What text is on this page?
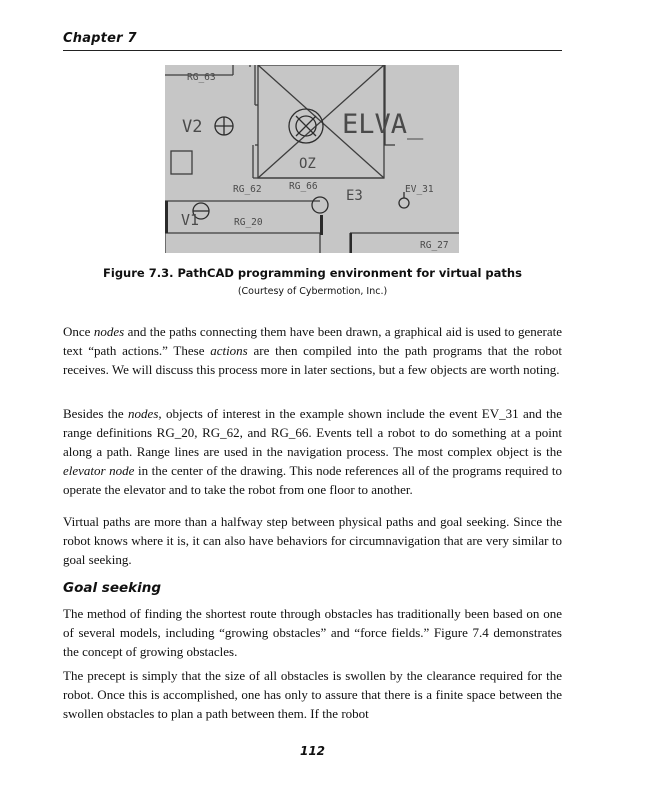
Chapter 7
RG_63
V2	ELVA_
OZ
RG_62	RG_66
E3	EV_31
V1	RG_20
RG_27
Figure 7.3. PathCAD programming environment for virtual paths
(Courtesy of Cybermotion, Inc.)

Once nodes and the paths connecting them have been drawn, a graphical aid is used to generate text “path actions.” These actions are then compiled into the path programs that the robot receives. We will discuss this process more in later sections, but a few objects are worth noting.

Besides the nodes, objects of interest in the example shown include the event EV_31 and the range definitions RG_20, RG_62, and RG_66. Events tell a robot to do something at a point along a path. Range lines are used in the navigation process. The most complex object is the elevator node in the center of the drawing. This node references all of the programs required to operate the elevator and to take the robot from one floor to another.

Virtual paths are more than a halfway step between physical paths and goal seeking. Since the robot knows where it is, it can also have behaviors for circumnavigation that are very similar to goal seeking.

Goal seeking

The method of finding the shortest route through obstacles has traditionally been based on one of several models, including “growing obstacles” and “force fields.” Figure 7.4 demonstrates the concept of growing obstacles.

The precept is simply that the size of all obstacles is swollen by the clearance required for the robot. Once this is accomplished, one has only to assure that there is a finite space between the swollen obstacles to plan a path between them. If the robot

112
